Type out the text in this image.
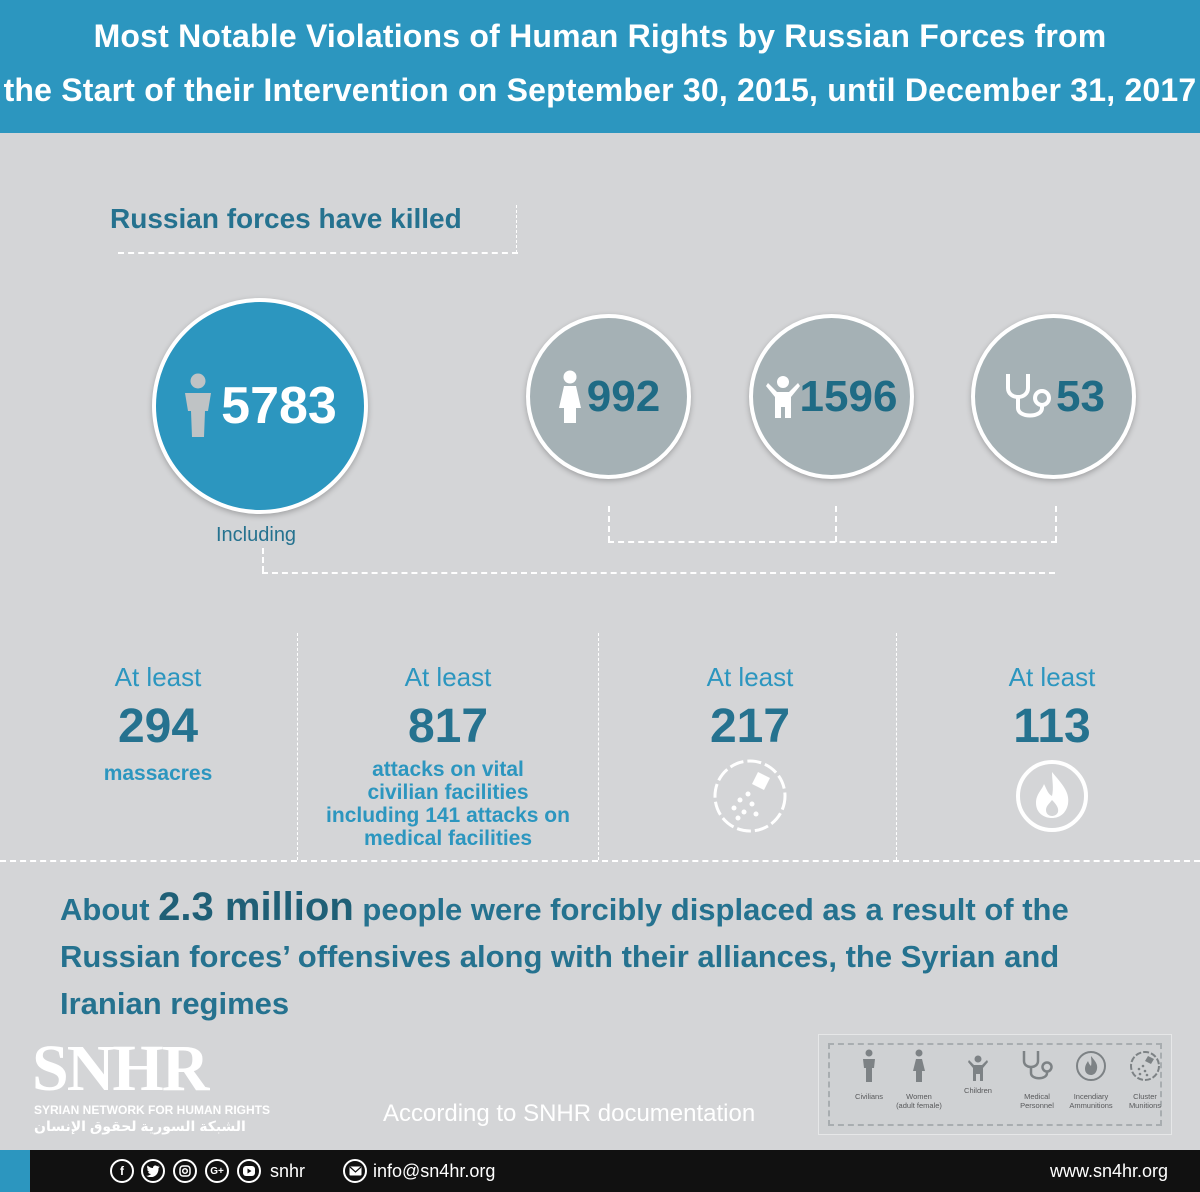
Most Notable Violations of Human Rights by Russian Forces from
the Start of their Intervention on September 30, 2015, until December 31, 2017
Russian forces have killed
5783
Including
992	1596	53
At least
294
massacres
At least
817
attacks on vital
civilian facilities
including 141 attacks on
medical facilities
At least
217
At least
113
About 2.3 million people were forcibly displaced as a result of the
Russian forces’ offensives along with their alliances, the Syrian and
Iranian regimes
SNHR
SYRIAN NETWORK FOR HUMAN RIGHTS
الشبكة السورية لحقوق الإنسان	According to SNHR documentation
Civilians	Women
(adult female)
Children
Medical
Personnel
Incendiary
Ammunitions
Cluster
Munitions
f	G+	snhr	info@sn4hr.org	www.sn4hr.org
